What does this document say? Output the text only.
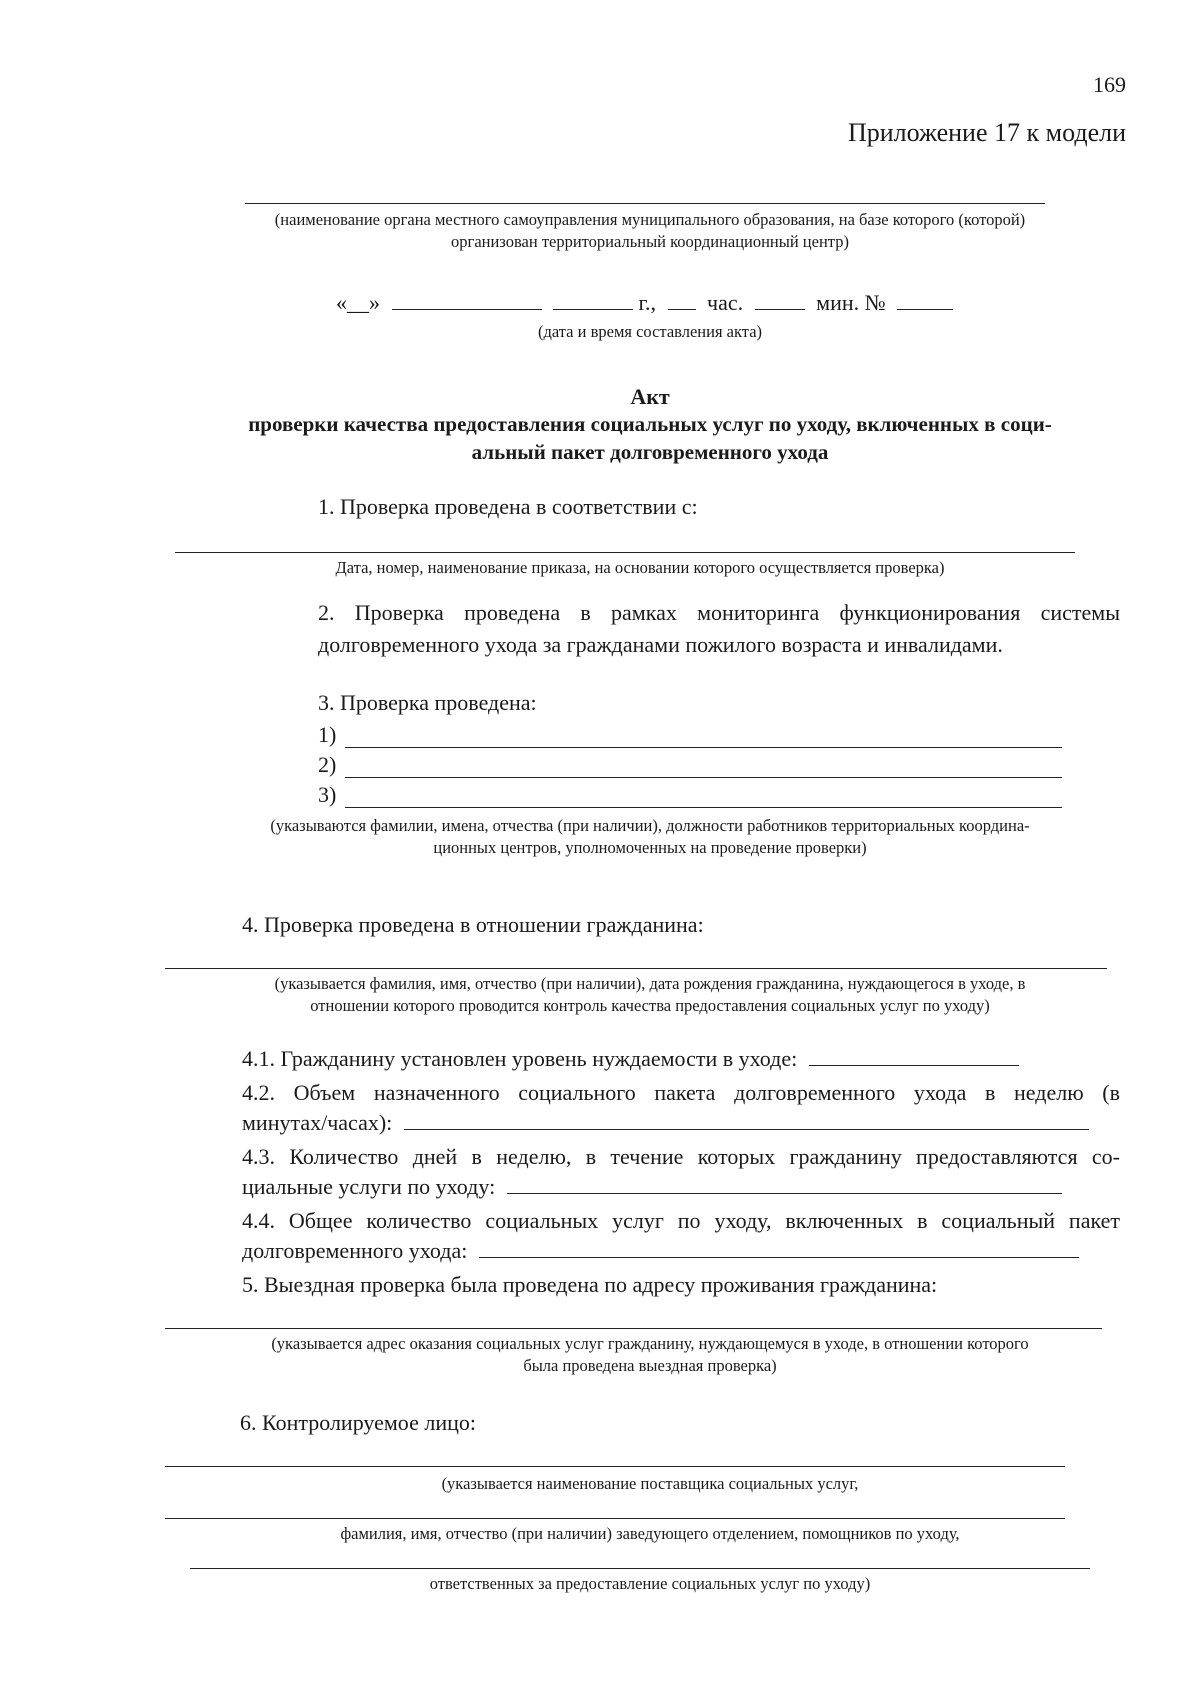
169
Приложение 17 к модели
(наименование органа местного самоуправления муниципального образования, на базе которого (которой)
организован территориальный координационный центр)
«__»	г., час.	мин. №
(дата и время составления акта)
Акт
проверки качества предоставления социальных услуг по уходу, включенных в соци-
альный пакет долговременного ухода
1. Проверка проведена в соответствии с:
Дата, номер, наименование приказа, на основании которого осуществляется проверка)
2. Проверка проведена в рамках мониторинга функционирования системы
долговременного ухода за гражданами пожилого возраста и инвалидами.
3. Проверка проведена:
1)
2)
3)
(указываются фамилии, имена, отчества (при наличии), должности работников территориальных координа-
ционных центров, уполномоченных на проведение проверки)
4. Проверка проведена в отношении гражданина:
(указывается фамилия, имя, отчество (при наличии), дата рождения гражданина, нуждающегося в уходе, в
отношении которого проводится контроль качества предоставления социальных услуг по уходу)
4.1. Гражданину установлен уровень нуждаемости в уходе:
4.2. Объем назначенного социального пакета долговременного ухода в неделю (в
минутах/часах):
4.3. Количество дней в неделю, в течение которых гражданину предоставляются со-
циальные услуги по уходу:
4.4. Общее количество социальных услуг по уходу, включенных в социальный пакет
долговременного ухода:
5. Выездная проверка была проведена по адресу проживания гражданина:
(указывается адрес оказания социальных услуг гражданину, нуждающемуся в уходе, в отношении которого
была проведена выездная проверка)
6. Контролируемое лицо:
(указывается наименование поставщика социальных услуг,
фамилия, имя, отчество (при наличии) заведующего отделением, помощников по уходу,
ответственных за предоставление социальных услуг по уходу)
